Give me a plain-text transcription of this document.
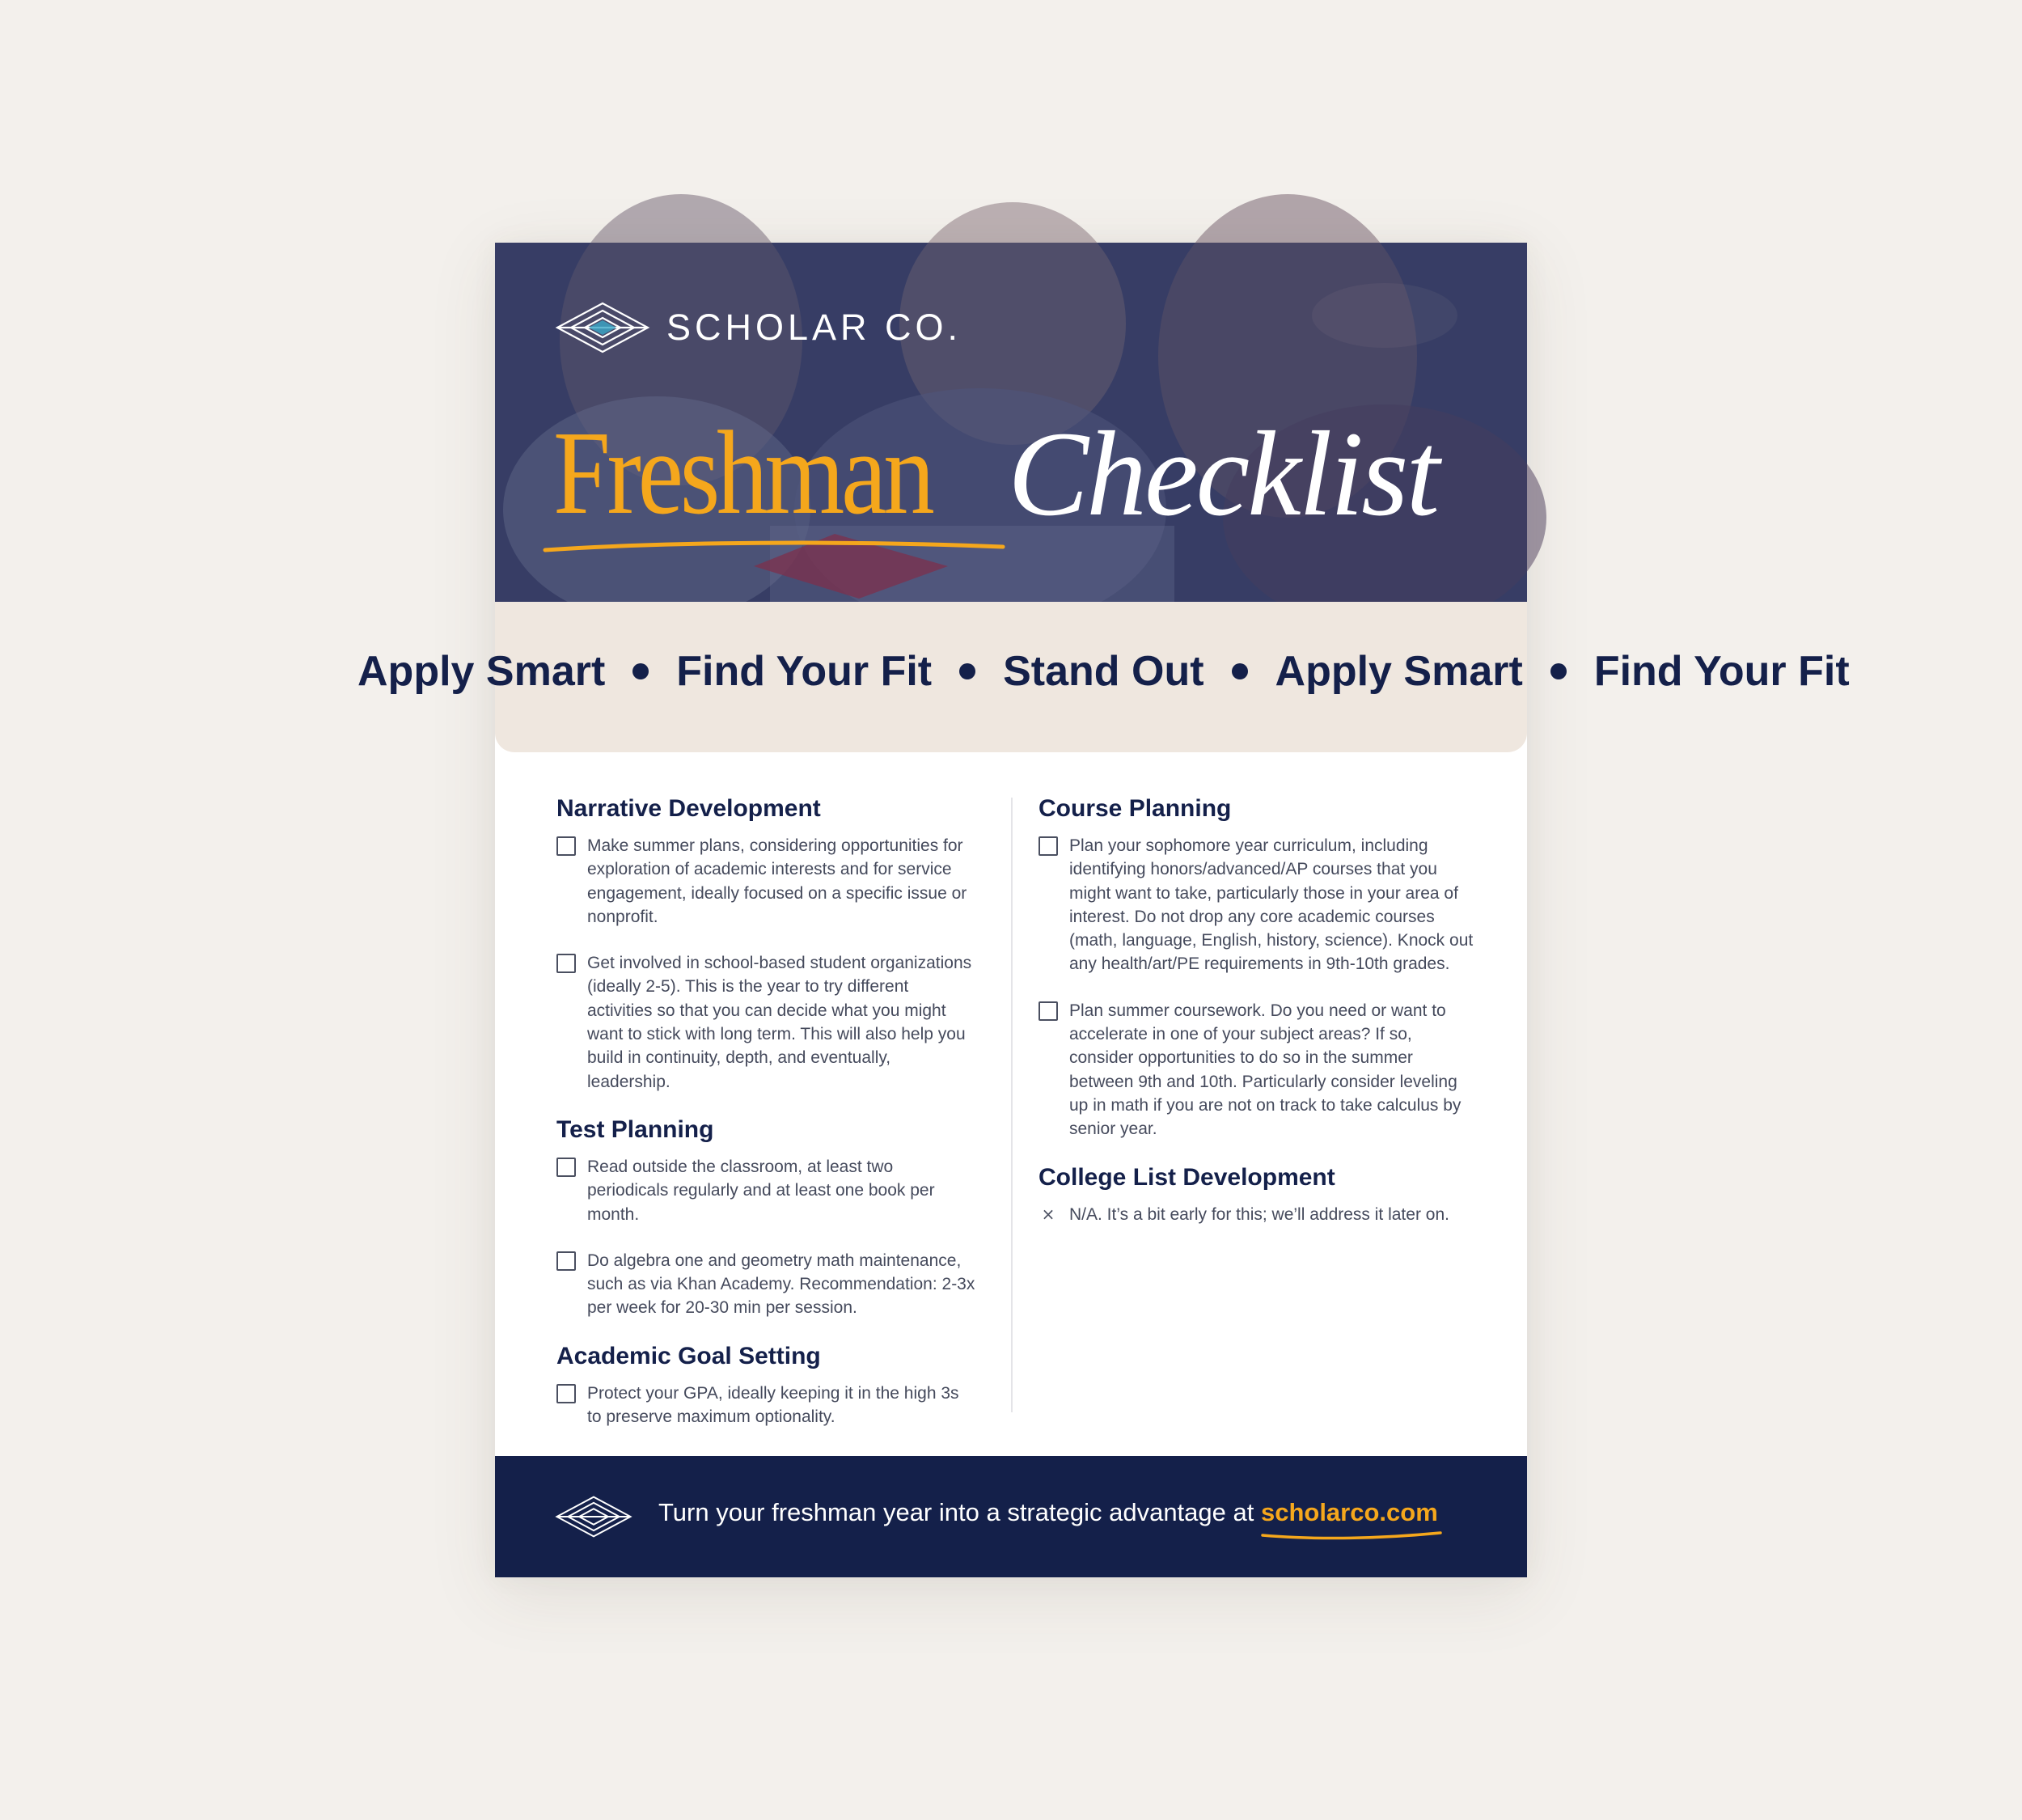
SCHOLAR CO.
Freshman Checklist
Apply Smart Find Your Fit Stand Out Apply Smart Find Your Fit
Narrative Development
Make summer plans, considering opportunities for exploration of academic interests and for service engagement, ideally focused on a specific issue or nonprofit.
Get involved in school-based student organizations (ideally 2-5). This is the year to try different activities so that you can decide what you might want to stick with long term. This will also help you build in continuity, depth, and eventually, leadership.
Test Planning
Read outside the classroom, at least two periodicals regularly and at least one book per month.
Do algebra one and geometry math maintenance, such as via Khan Academy. Recommendation: 2-3x per week for 20-30 min per session.
Academic Goal Setting
Protect your GPA, ideally keeping it in the high 3s to preserve maximum optionality.
Course Planning
Plan your sophomore year curriculum, including identifying honors/advanced/AP courses that you might want to take, particularly those in your area of interest. Do not drop any core academic courses (math, language, English, history, science). Knock out any health/art/PE requirements in 9th-10th grades.
Plan summer coursework. Do you need or want to accelerate in one of your subject areas? If so, consider opportunities to do so in the summer between 9th and 10th. Particularly consider leveling up in math if you are not on track to take calculus by senior year.
College List Development
× N/A. It’s a bit early for this; we’ll address it later on.
Turn your freshman year into a strategic advantage at scholarco.com
